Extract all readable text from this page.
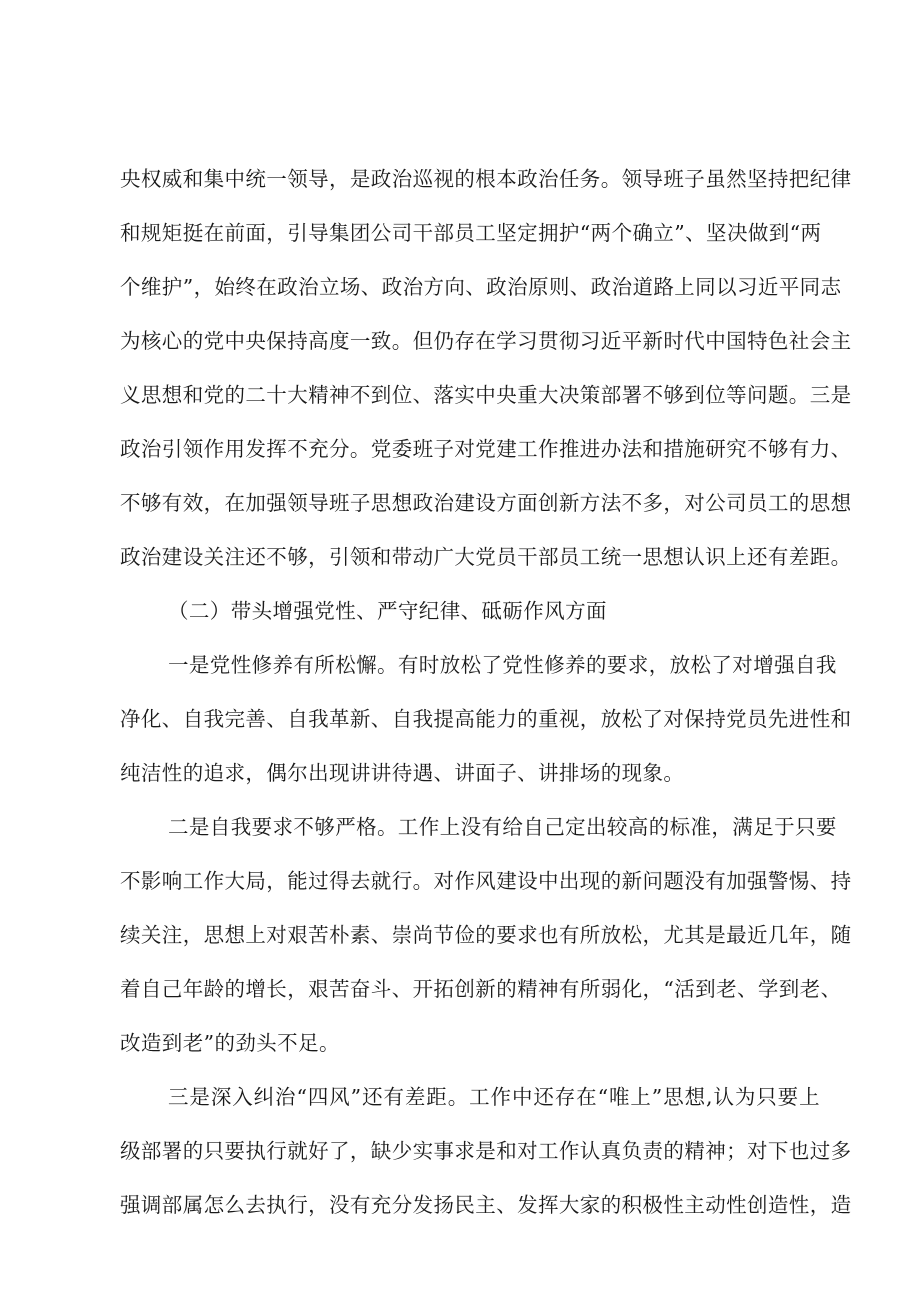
央权威和集中统一领导，是政治巡视的根本政治任务。领导班子虽然坚持把纪律
和规矩挺在前面，引导集团公司干部员工坚定拥护“两个确立”、坚决做到“两
个维护”，始终在政治立场、政治方向、政治原则、政治道路上同以习近平同志
为核心的党中央保持高度一致。但仍存在学习贯彻习近平新时代中国特色社会主
义思想和党的二十大精神不到位、落实中央重大决策部署不够到位等问题。三是
政治引领作用发挥不充分。党委班子对党建工作推进办法和措施研究不够有力、
不够有效，在加强领导班子思想政治建设方面创新方法不多，对公司员工的思想
政治建设关注还不够，引领和带动广大党员干部员工统一思想认识上还有差距。
（二）带头增强党性、严守纪律、砥砺作风方面
一是党性修养有所松懈。有时放松了党性修养的要求，放松了对增强自我
净化、自我完善、自我革新、自我提高能力的重视，放松了对保持党员先进性和
纯洁性的追求，偶尔出现讲讲待遇、讲面子、讲排场的现象。
二是自我要求不够严格。工作上没有给自己定出较高的标准，满足于只要
不影响工作大局，能过得去就行。对作风建设中出现的新问题没有加强警惕、持
续关注，思想上对艰苦朴素、崇尚节俭的要求也有所放松，尤其是最近几年，随
着自己年龄的增长，艰苦奋斗、开拓创新的精神有所弱化，“活到老、学到老、
改造到老”的劲头不足。
三是深入纠治“四风”还有差距。工作中还存在“唯上”思想,认为只要上
级部署的只要执行就好了，缺少实事求是和对工作认真负责的精神；对下也过多
强调部属怎么去执行，没有充分发扬民主、发挥大家的积极性主动性创造性，造
